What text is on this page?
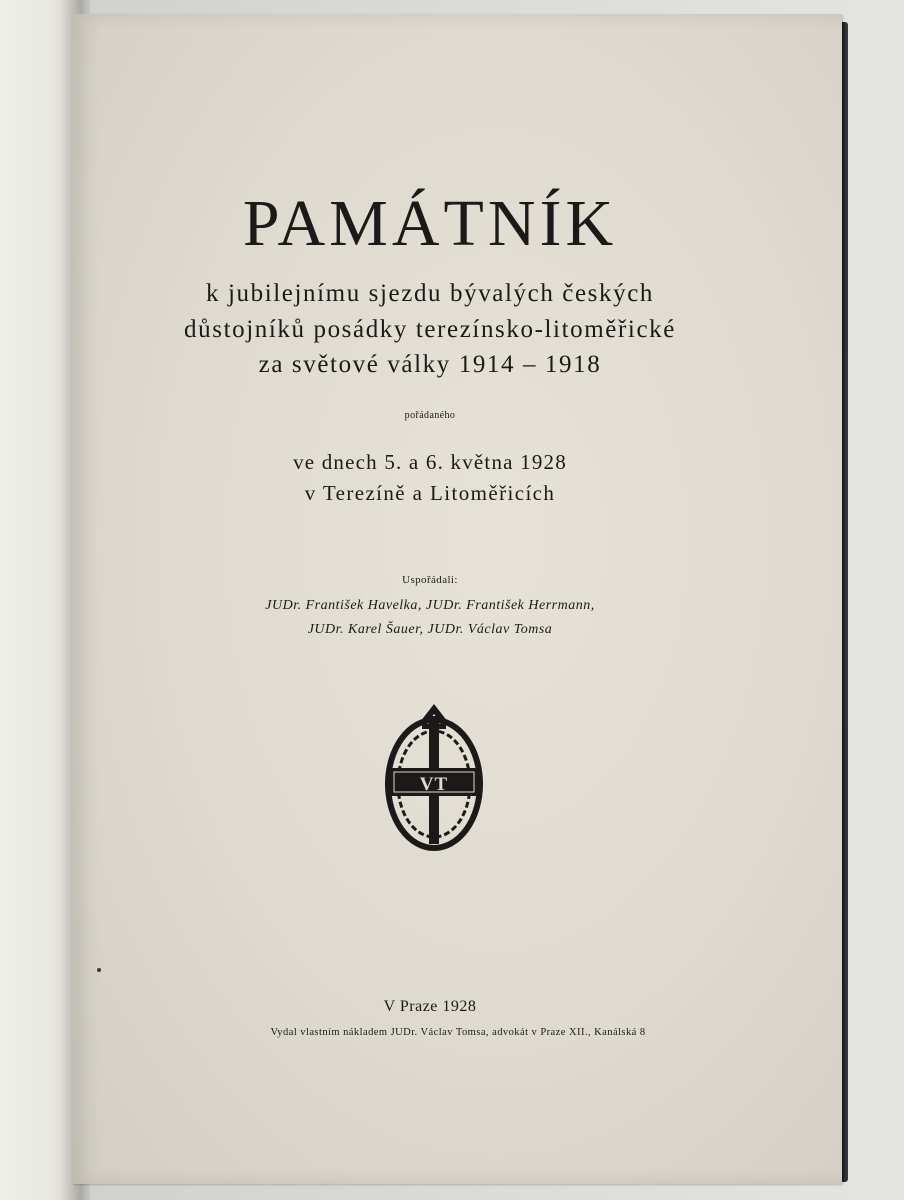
PAMÁTNÍK
k jubilejnímu sjezdu bývalých českých
důstojníků posádky terezínsko-litoměřické
za světové války 1914 – 1918
pořádaného
ve dnech 5. a 6. května 1928
v Terezíně a Litoměřicích
Uspořádali:
JUDr. František Havelka, JUDr. František Herrmann,
JUDr. Karel Šauer, JUDr. Václav Tomsa
VT
V Praze 1928
Vydal vlastním nákladem JUDr. Václav Tomsa, advokát v Praze XII., Kanálská 8
